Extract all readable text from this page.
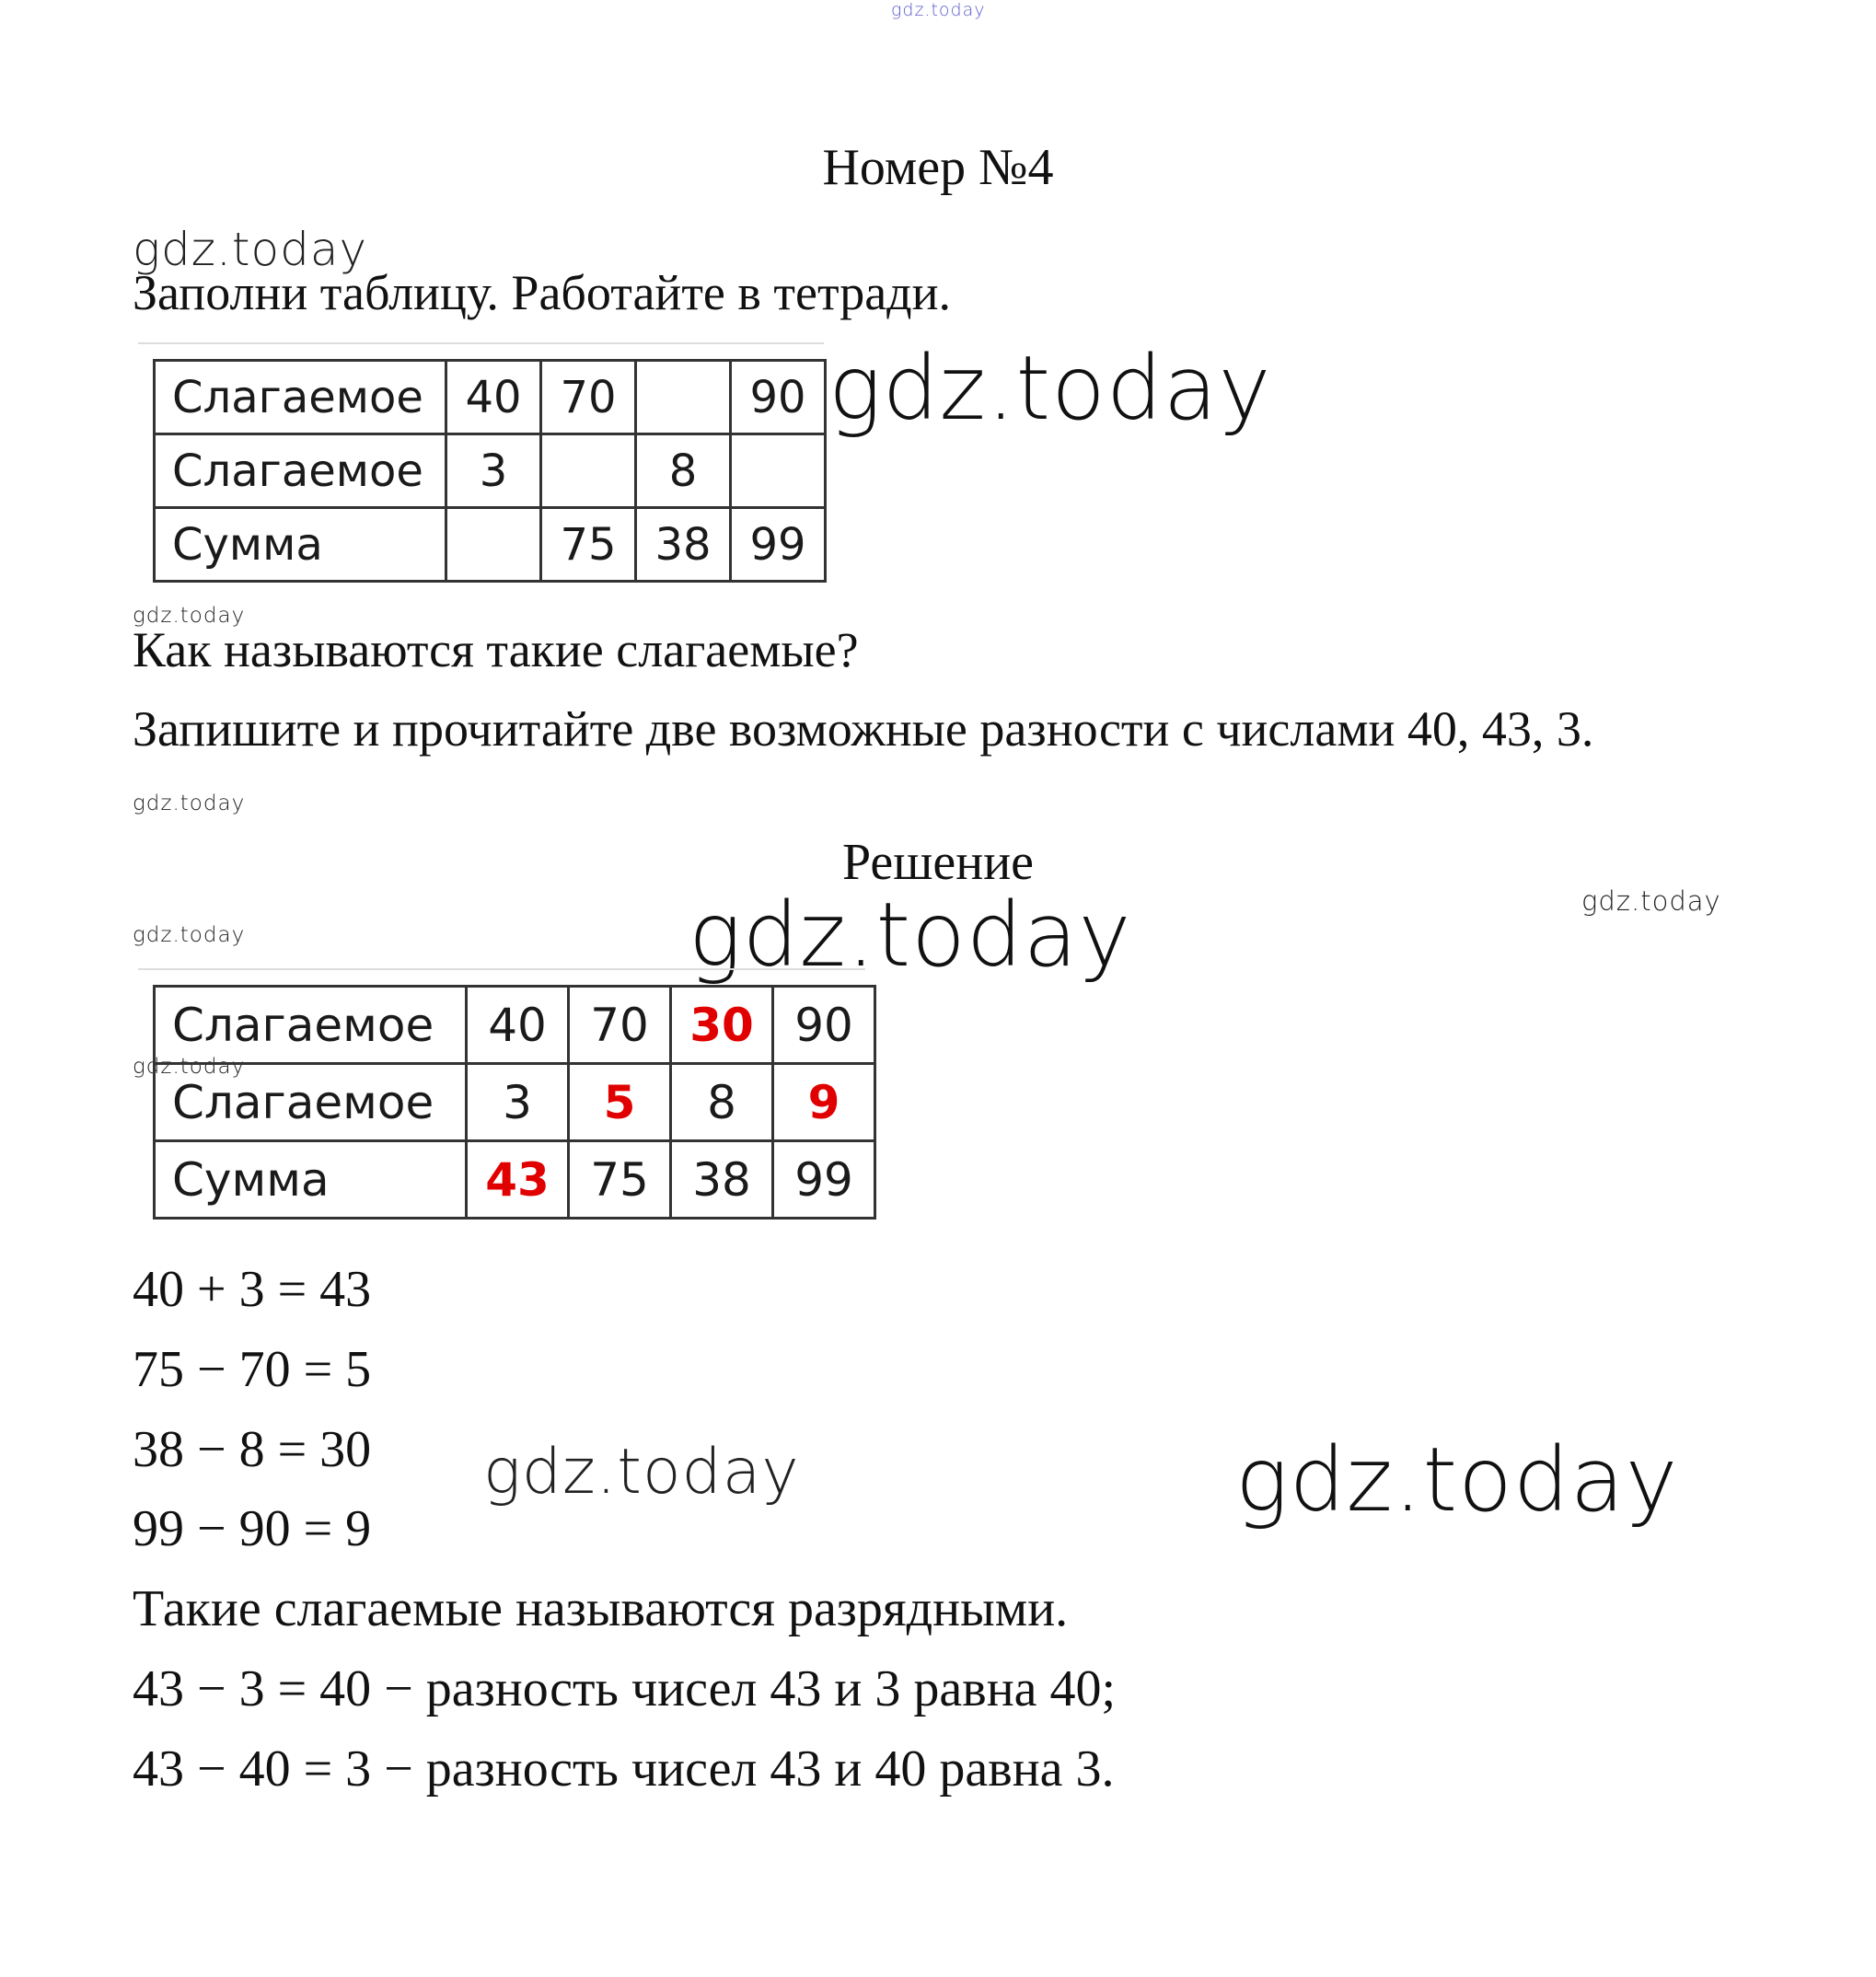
gdz.today
gdz.today
gdz.today
gdz.today
gdz.today
gdz.today
gdz.today
gdz.today
gdz.today
gdz.today	gdz.today
Номер №4
Заполни таблицу. Работайте в тетради.
Слагаемое	40	70		90
Слагаемое	3		8	
Сумма		75	38	99
Как называются такие слагаемые?
Запишите и прочитайте две возможные разности с числами 40, 43, 3.
Решение
Слагаемое	40	70	30	90
Слагаемое	3	5	8	9
Сумма	43	75	38	99
40 + 3 = 43
75 − 70 = 5
38 − 8 = 30
99 − 90 = 9
Такие слагаемые называются разрядными.
43 − 3 = 40 − разность чисел 43 и 3 равна 40;
43 − 40 = 3 − разность чисел 43 и 40 равна 3.
